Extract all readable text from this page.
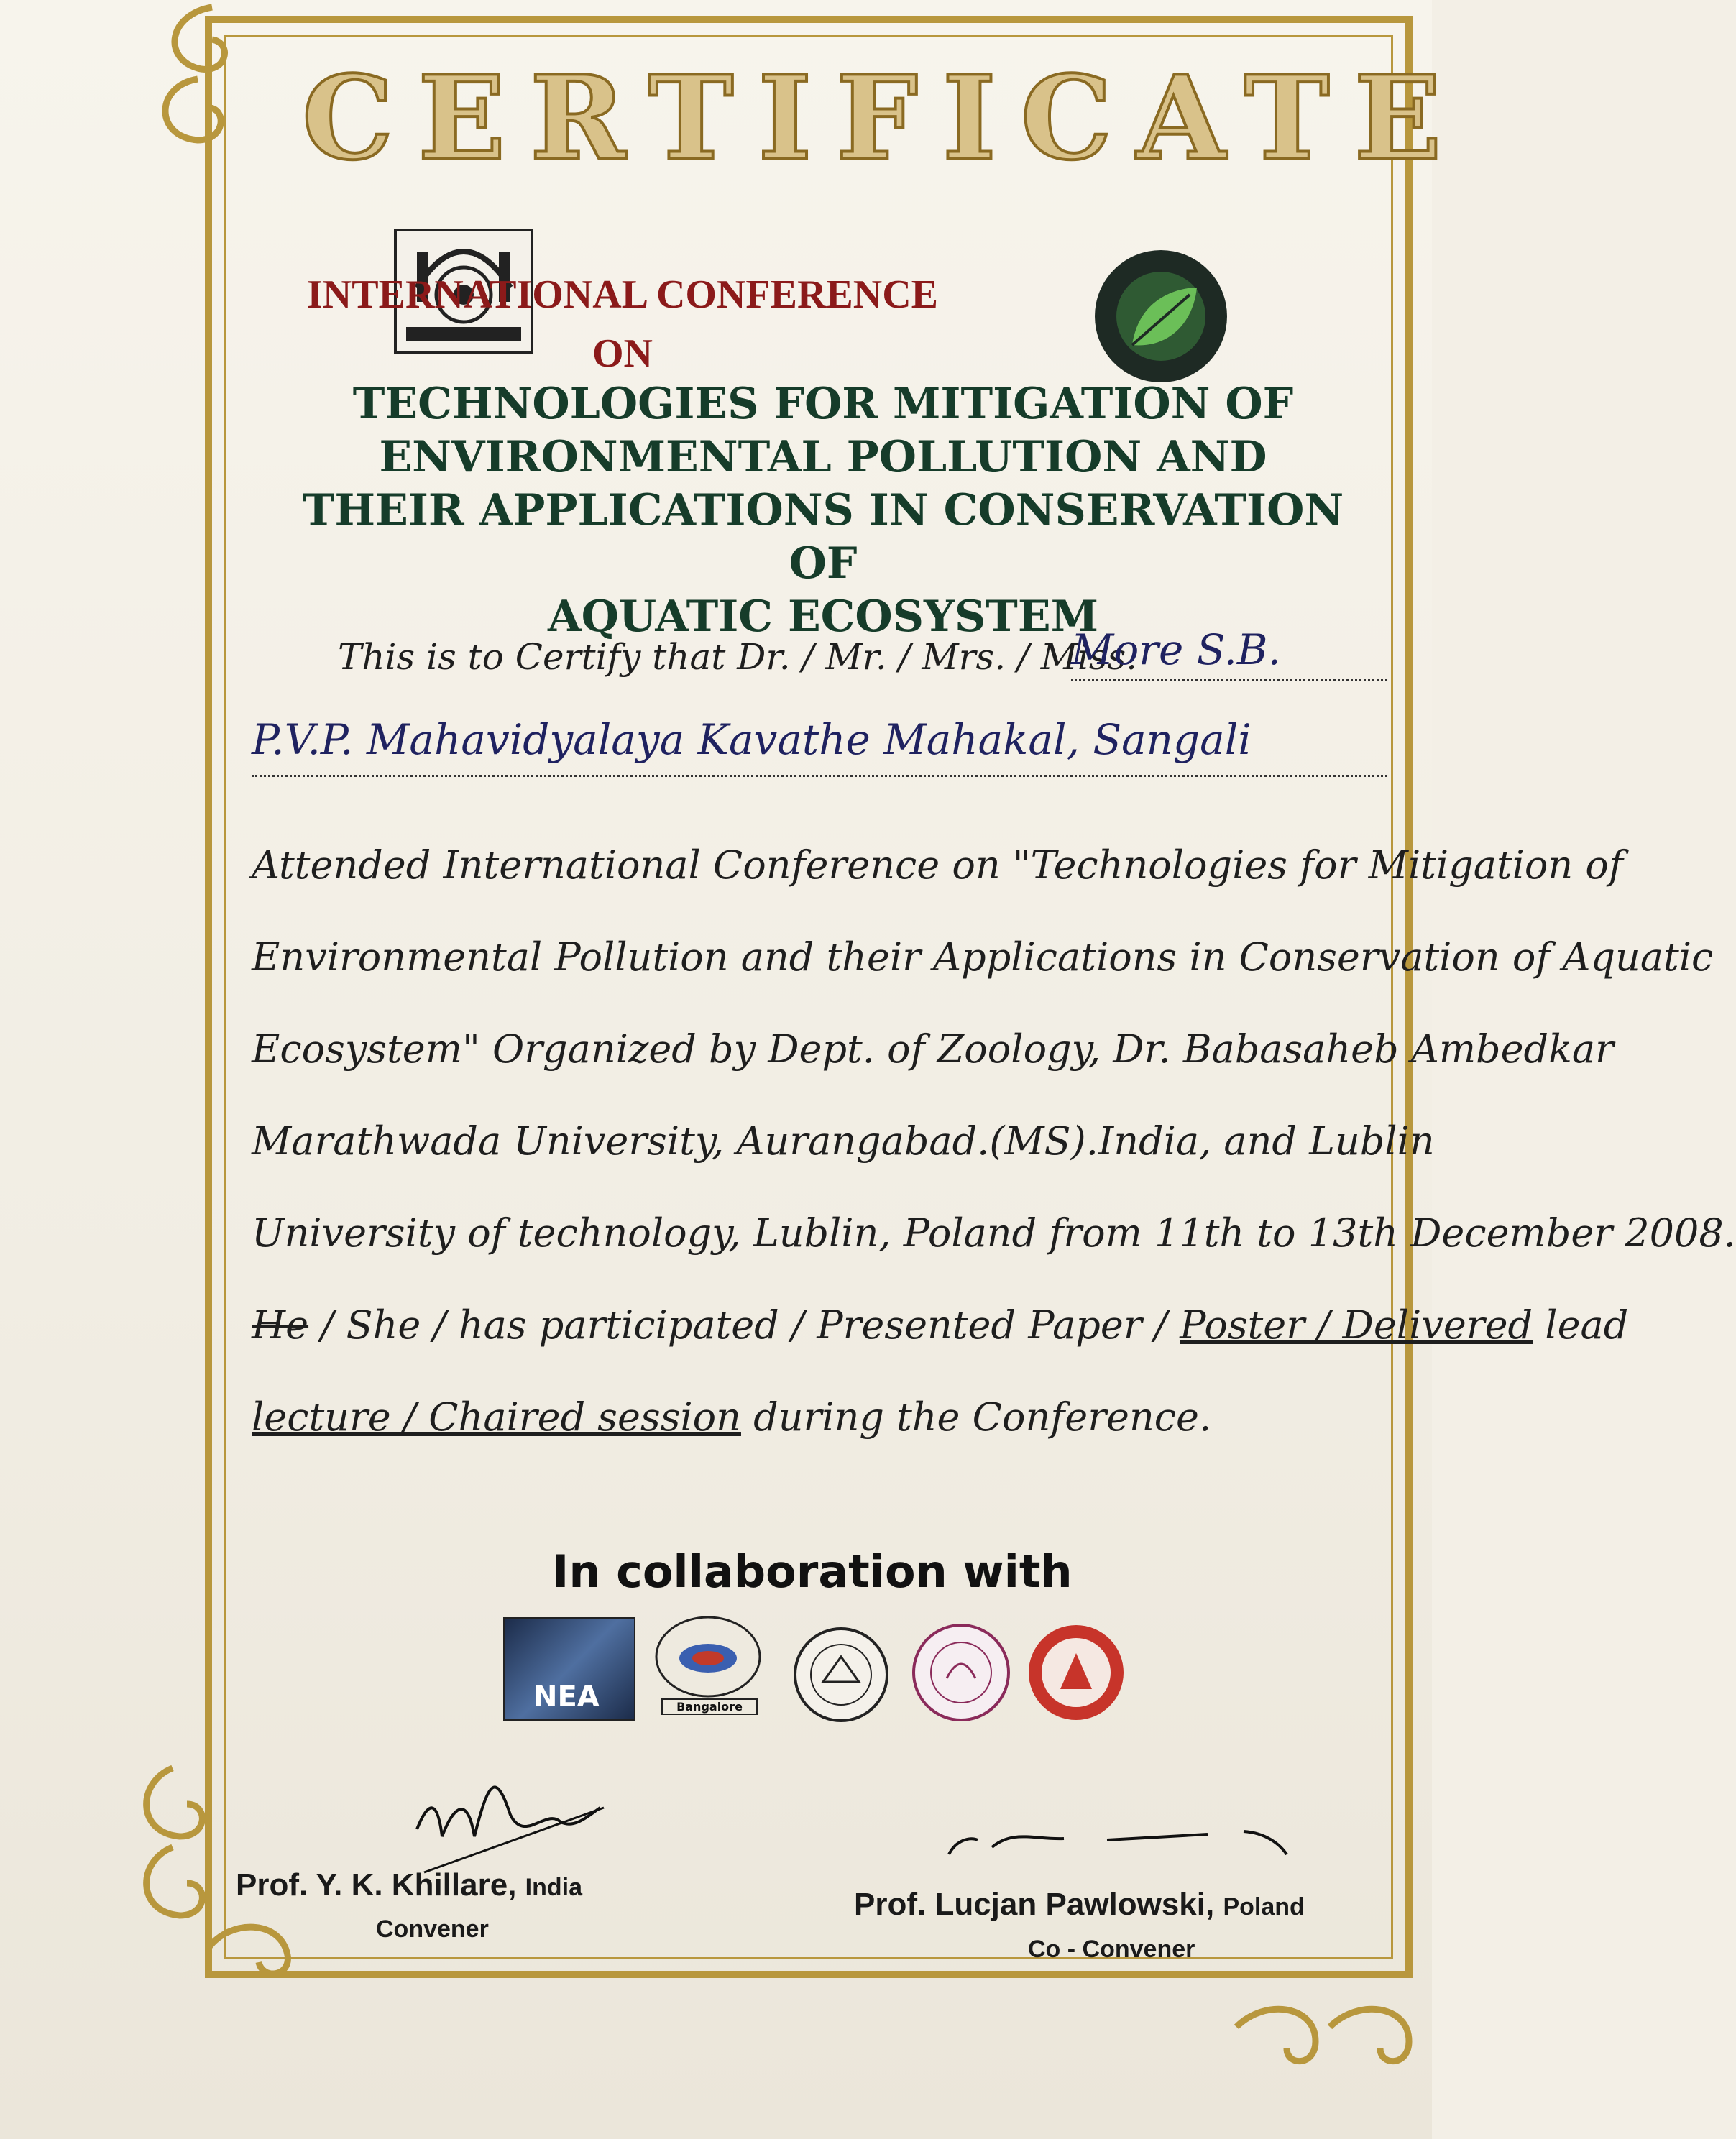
CERTIFICATE
INTERNATIONAL CONFERENCE
ON
TECHNOLOGIES FOR MITIGATION OF
ENVIRONMENTAL POLLUTION AND
THEIR APPLICATIONS IN CONSERVATION OF
AQUATIC ECOSYSTEM
This is to Certify that Dr. / Mr. / Mrs. / Miss.
More S.B.
P.V.P. Mahavidyalaya Kavathe Mahakal, Sangali
Attended International Conference on "Technologies for Mitigation of
Environmental Pollution and their Applications in Conservation of Aquatic
Ecosystem" Organized by Dept. of Zoology, Dr. Babasaheb Ambedkar
Marathwada University, Aurangabad.(MS).India, and Lublin
University of technology, Lublin, Poland from 11th to 13th December 2008.
He / She / has participated / Presented Paper / Poster / Delivered lead
lecture / Chaired session during the Conference.
In collaboration with
NEA	Bangalore
Prof. Y. K. Khillare, India
Convener
Prof. Lucjan Pawlowski, Poland
Co - Convener
